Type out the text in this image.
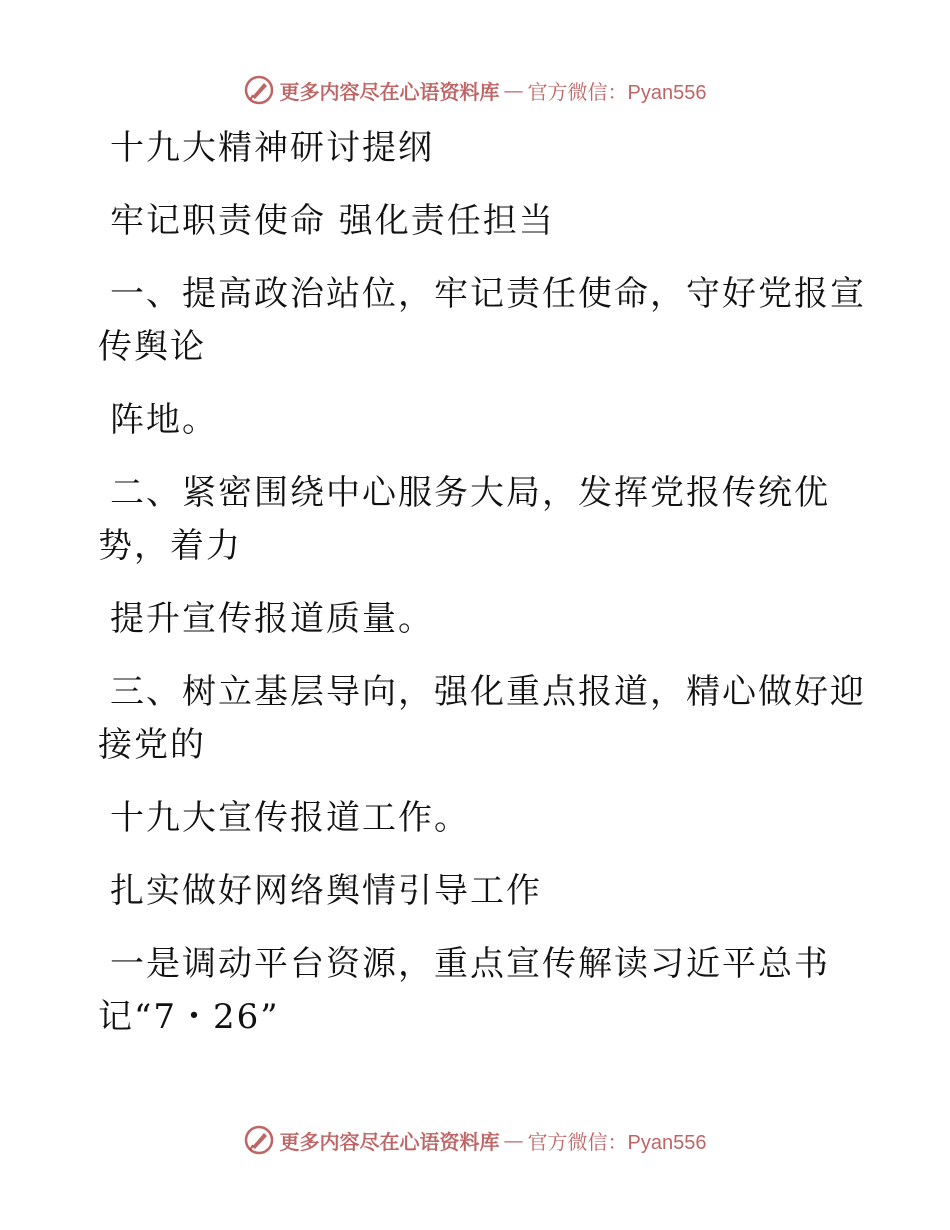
更多内容尽在心语资料库 — 官方微信：Pyan556
十九大精神研讨提纲
牢记职责使命 强化责任担当
一、提高政治站位，牢记责任使命，守好党报宣
传舆论
阵地。
二、紧密围绕中心服务大局，发挥党报传统优
势，着力
提升宣传报道质量。
三、树立基层导向，强化重点报道，精心做好迎
接党的
十九大宣传报道工作。
扎实做好网络舆情引导工作
一是调动平台资源，重点宣传解读习近平总书
记“7・26”
更多内容尽在心语资料库 — 官方微信：Pyan556
